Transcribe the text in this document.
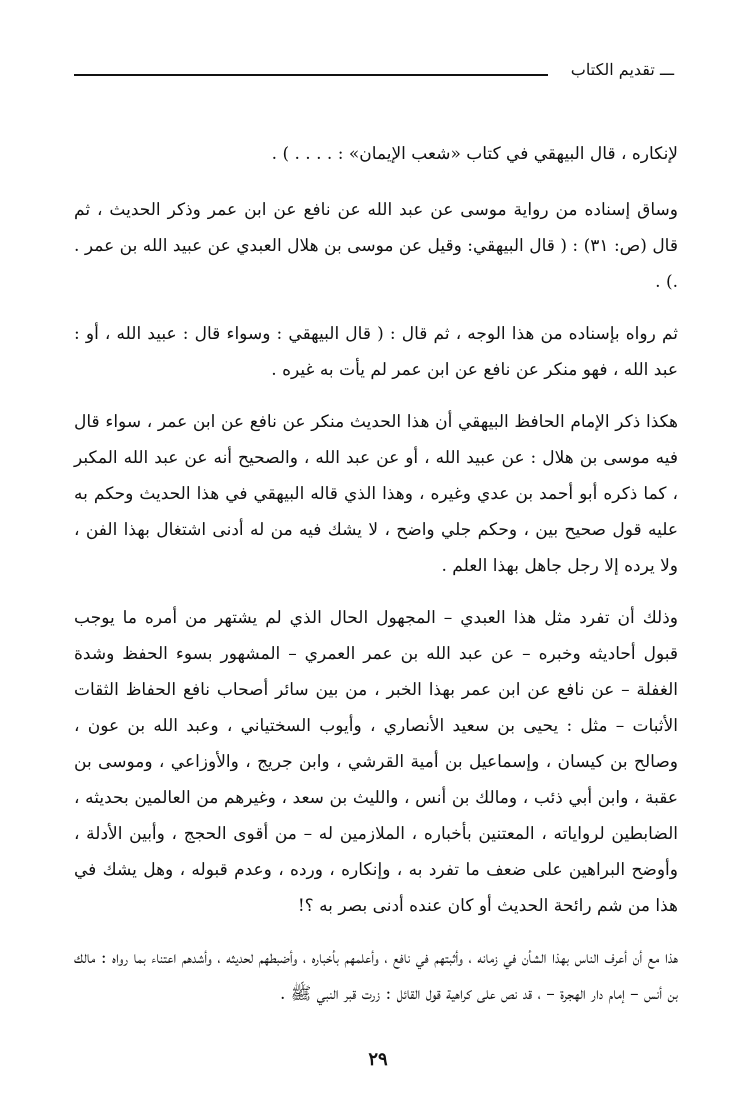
ـــ تقديم الكتاب

لإنكاره ، قال البيهقي في كتاب «شعب الإيمان» : . . . . ) .

وساق إسناده من رواية موسى عن عبد الله عن نافع عن ابن عمر وذكر الحديث ، ثم قال (ص: ٣١) : ( قال البيهقي: وقيل عن موسى بن هلال العبدي عن عبيد الله بن عمر . .) .

ثم رواه بإسناده من هذا الوجه ، ثم قال : ( قال البيهقي : وسواء قال : عبيد الله ، أو : عبد الله ، فهو منكر عن نافع عن ابن عمر لم يأت به غيره .

هكذا ذكر الإمام الحافظ البيهقي أن هذا الحديث منكر عن نافع عن ابن عمر ، سواء قال فيه موسى بن هلال : عن عبيد الله ، أو عن عبد الله ، والصحيح أنه عن عبد الله المكبر ، كما ذكره أبو أحمد بن عدي وغيره ، وهذا الذي قاله البيهقي في هذا الحديث وحكم به عليه قول صحيح بين ، وحكم جلي واضح ، لا يشك فيه من له أدنى اشتغال بهذا الفن ، ولا يرده إلا رجل جاهل بهذا العلم .

وذلك أن تفرد مثل هذا العبدي – المجهول الحال الذي لم يشتهر من أمره ما يوجب قبول أحاديثه وخبره – عن عبد الله بن عمر العمري – المشهور بسوء الحفظ وشدة الغفلة – عن نافع عن ابن عمر بهذا الخبر ، من بين سائر أصحاب نافع الحفاظ الثقات الأثبات – مثل : يحيى بن سعيد الأنصاري ، وأيوب السختياني ، وعبد الله بن عون ، وصالح بن كيسان ، وإسماعيل بن أمية القرشي ، وابن جريج ، والأوزاعي ، وموسى بن عقبة ، وابن أبي ذئب ، ومالك بن أنس ، والليث بن سعد ، وغيرهم من العالمين بحديثه ، الضابطين لرواياته ، المعتنين بأخباره ، الملازمين له – من أقوى الحجج ، وأبين الأدلة ، وأوضح البراهين على ضعف ما تفرد به ، وإنكاره ، ورده ، وعدم قبوله ، وهل يشك في هذا من شم رائحة الحديث أو كان عنده أدنى بصر به ؟!

هذا مع أن أعرف الناس بهذا الشأن في زمانه ، وأثبتهم في نافع ، وأعلمهم بأخباره ، وأضبطهم لحديثه ، وأشدهم اعتناء بما رواه : مالك بن أنس – إمام دار الهجرة – ، قد نص على كراهية قول القائل : زرت قبر النبي ﷺ .

٢٩
